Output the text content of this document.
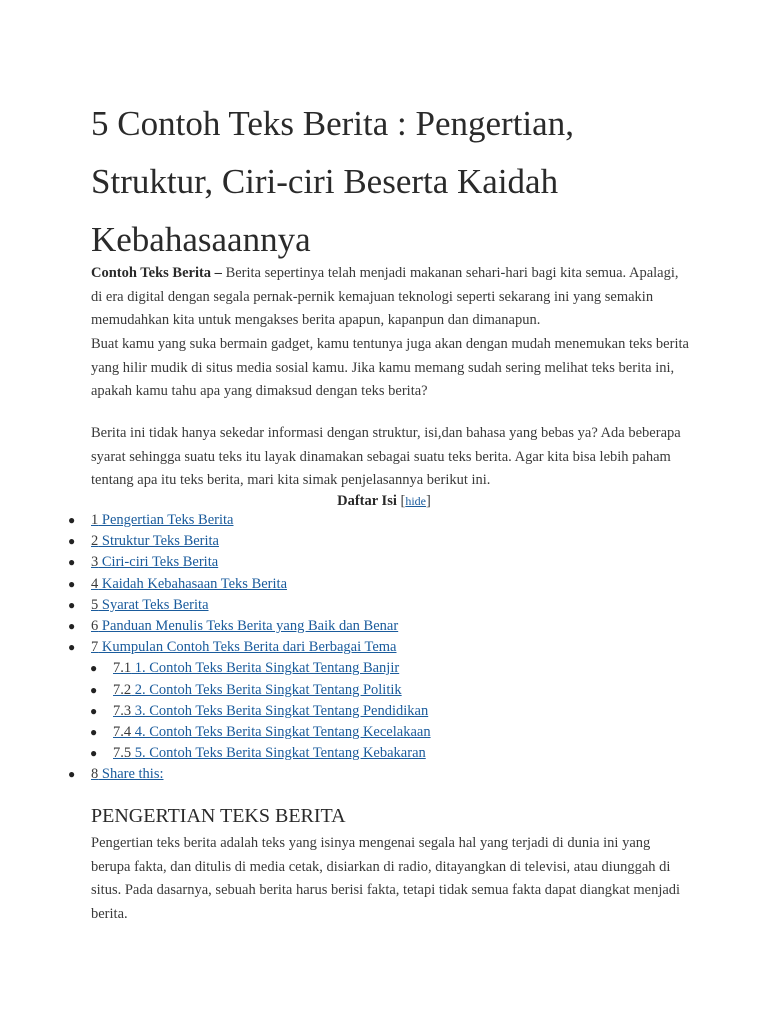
5 Contoh Teks Berita : Pengertian, Struktur, Ciri-ciri Beserta Kaidah Kebahasaannya

Contoh Teks Berita – Berita sepertinya telah menjadi makanan sehari-hari bagi kita semua. Apalagi, di era digital dengan segala pernak-pernik kemajuan teknologi seperti sekarang ini yang semakin memudahkan kita untuk mengakses berita apapun, kapanpun dan dimanapun.

Buat kamu yang suka bermain gadget, kamu tentunya juga akan dengan mudah menemukan teks berita yang hilir mudik di situs media sosial kamu. Jika kamu memang sudah sering melihat teks berita ini, apakah kamu tahu apa yang dimaksud dengan teks berita?

Berita ini tidak hanya sekedar informasi dengan struktur, isi,dan bahasa yang bebas ya? Ada beberapa syarat sehingga suatu teks itu layak dinamakan sebagai suatu teks berita. Agar kita bisa lebih paham tentang apa itu teks berita, mari kita simak penjelasannya berikut ini.

Daftar Isi [hide]
● 1 Pengertian Teks Berita
● 2 Struktur Teks Berita
● 3 Ciri-ciri Teks Berita
● 4 Kaidah Kebahasaan Teks Berita
● 5 Syarat Teks Berita
● 6 Panduan Menulis Teks Berita yang Baik dan Benar
● 7 Kumpulan Contoh Teks Berita dari Berbagai Tema
● 7.1 1. Contoh Teks Berita Singkat Tentang Banjir
● 7.2 2. Contoh Teks Berita Singkat Tentang Politik
● 7.3 3. Contoh Teks Berita Singkat Tentang Pendidikan
● 7.4 4. Contoh Teks Berita Singkat Tentang Kecelakaan
● 7.5 5. Contoh Teks Berita Singkat Tentang Kebakaran
● 8 Share this:
PENGERTIAN TEKS BERITA

Pengertian teks berita adalah teks yang isinya mengenai segala hal yang terjadi di dunia ini yang berupa fakta, dan ditulis di media cetak, disiarkan di radio, ditayangkan di televisi, atau diunggah di situs. Pada dasarnya, sebuah berita harus berisi fakta, tetapi tidak semua fakta dapat diangkat menjadi berita.
